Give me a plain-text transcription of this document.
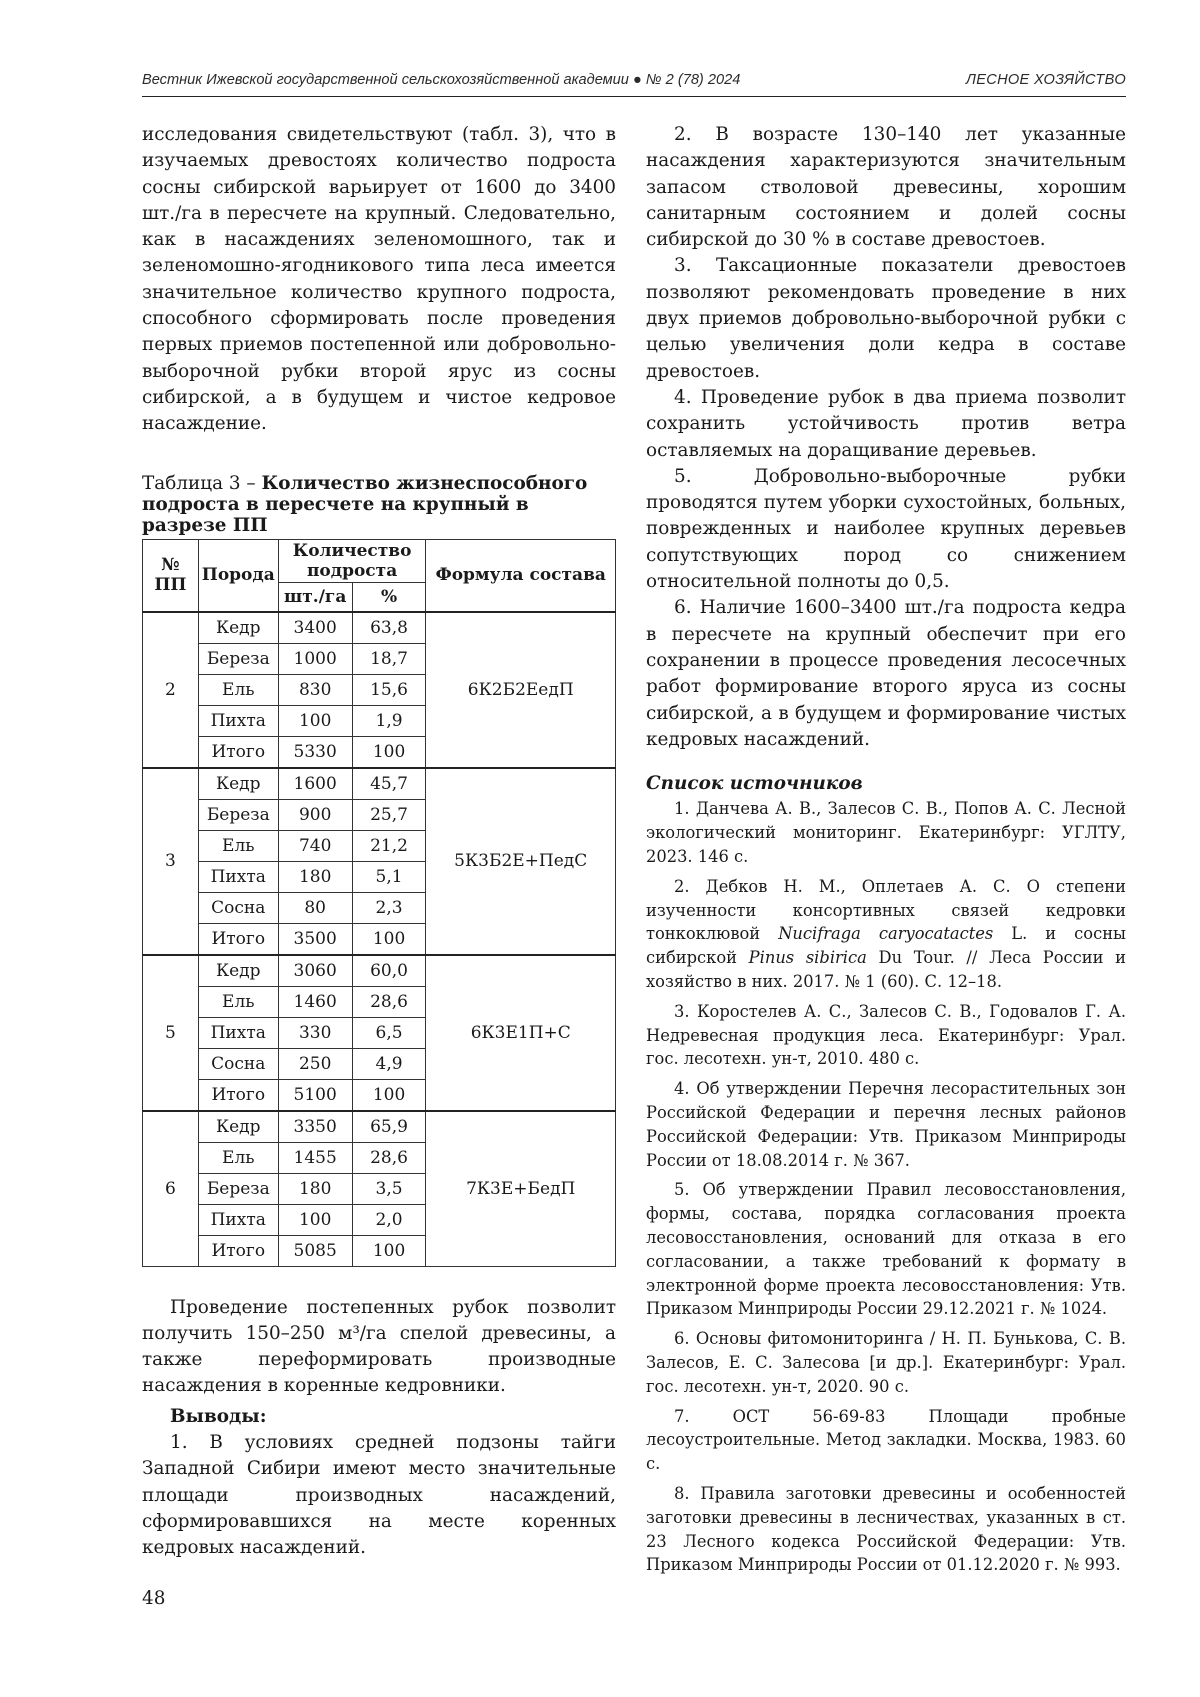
Вестник Ижевской государственной сельскохозяйственной академии ● № 2 (78) 2024	ЛЕСНОЕ ХОЗЯЙСТВО

исследования свидетельствуют (табл. 3), что в изучаемых древостоях количество подроста сосны сибирской варьирует от 1600 до 3400 шт./га в пересчете на крупный. Следовательно, как в насаждениях зеленомошного, так и зеленомошно-ягодникового типа леса имеется значительное количество крупного подроста, способного сформировать после проведения первых приемов постепенной или добровольно-выборочной рубки второй ярус из сосны сибирской, а в будущем и чистое кедровое насаждение.

Таблица 3 – Количество жизнеспособного подроста в пересчете на крупный в разрезе ПП
№ ПП	Порода	Количество подроста		Формула состава
		шт./га	%	
2	Кедр	3400	63,8	6К2Б2ЕедП
	Береза	1000	18,7	
	Ель	830	15,6	
	Пихта	100	1,9	
	Итого	5330	100	
3	Кедр	1600	45,7	5К3Б2Е+ПедС
	Береза	900	25,7	
	Ель	740	21,2	
	Пихта	180	5,1	
	Сосна	80	2,3	
	Итого	3500	100	
5	Кедр	3060	60,0	6К3Е1П+С
	Ель	1460	28,6	
	Пихта	330	6,5	
	Сосна	250	4,9	
	Итого	5100	100	
6	Кедр	3350	65,9	7К3Е+БедП
	Ель	1455	28,6	
	Береза	180	3,5	
	Пихта	100	2,0	
	Итого	5085	100	

Проведение постепенных рубок позволит получить 150–250 м³/га спелой древесины, а также переформировать производные насаждения в коренные кедровники.

Выводы:

1. В условиях средней подзоны тайги Западной Сибири имеют место значительные площади производных насаждений, сформировавшихся на месте коренных кедровых насаждений.

2. В возрасте 130–140 лет указанные насаждения характеризуются значительным запасом стволовой древесины, хорошим санитарным состоянием и долей сосны сибирской до 30 % в составе древостоев.

3. Таксационные показатели древостоев позволяют рекомендовать проведение в них двух приемов добровольно-выборочной рубки с целью увеличения доли кедра в составе древостоев.

4. Проведение рубок в два приема позволит сохранить устойчивость против ветра оставляемых на доращивание деревьев.

5. Добровольно-выборочные рубки проводятся путем уборки сухостойных, больных, поврежденных и наиболее крупных деревьев сопутствующих пород со снижением относительной полноты до 0,5.

6. Наличие 1600–3400 шт./га подроста кедра в пересчете на крупный обеспечит при его сохранении в процессе проведения лесосечных работ формирование второго яруса из сосны сибирской, а в будущем и формирование чистых кедровых насаждений.

Список источников

1. Данчева А. В., Залесов С. В., Попов А. С. Лесной экологический мониторинг. Екатеринбург: УГЛТУ, 2023. 146 с.

2. Дебков Н. М., Оплетаев А. С. О степени изученности консортивных связей кедровки тонкоклювой Nucifraga caryocatactes L. и сосны сибирской Pinus sibirica Du Tour. // Леса России и хозяйство в них. 2017. № 1 (60). С. 12–18.

3. Коростелев А. С., Залесов С. В., Годовалов Г. А. Недревесная продукция леса. Екатеринбург: Урал. гос. лесотехн. ун-т, 2010. 480 с.

4. Об утверждении Перечня лесорастительных зон Российской Федерации и перечня лесных районов Российской Федерации: Утв. Приказом Минприроды России от 18.08.2014 г. № 367.

5. Об утверждении Правил лесовосстановления, формы, состава, порядка согласования проекта лесовосстановления, оснований для отказа в его согласовании, а также требований к формату в электронной форме проекта лесовосстановления: Утв. Приказом Минприроды России 29.12.2021 г. № 1024.

6. Основы фитомониторинга / Н. П. Бунькова, С. В. Залесов, Е. С. Залесова [и др.]. Екатеринбург: Урал. гос. лесотехн. ун-т, 2020. 90 с.

7. ОСТ 56-69-83 Площади пробные лесоустроительные. Метод закладки. Москва, 1983. 60 с.

8. Правила заготовки древесины и особенностей заготовки древесины в лесничествах, указанных в ст. 23 Лесного кодекса Российской Федерации: Утв. Приказом Минприроды России от 01.12.2020 г. № 993.

48
